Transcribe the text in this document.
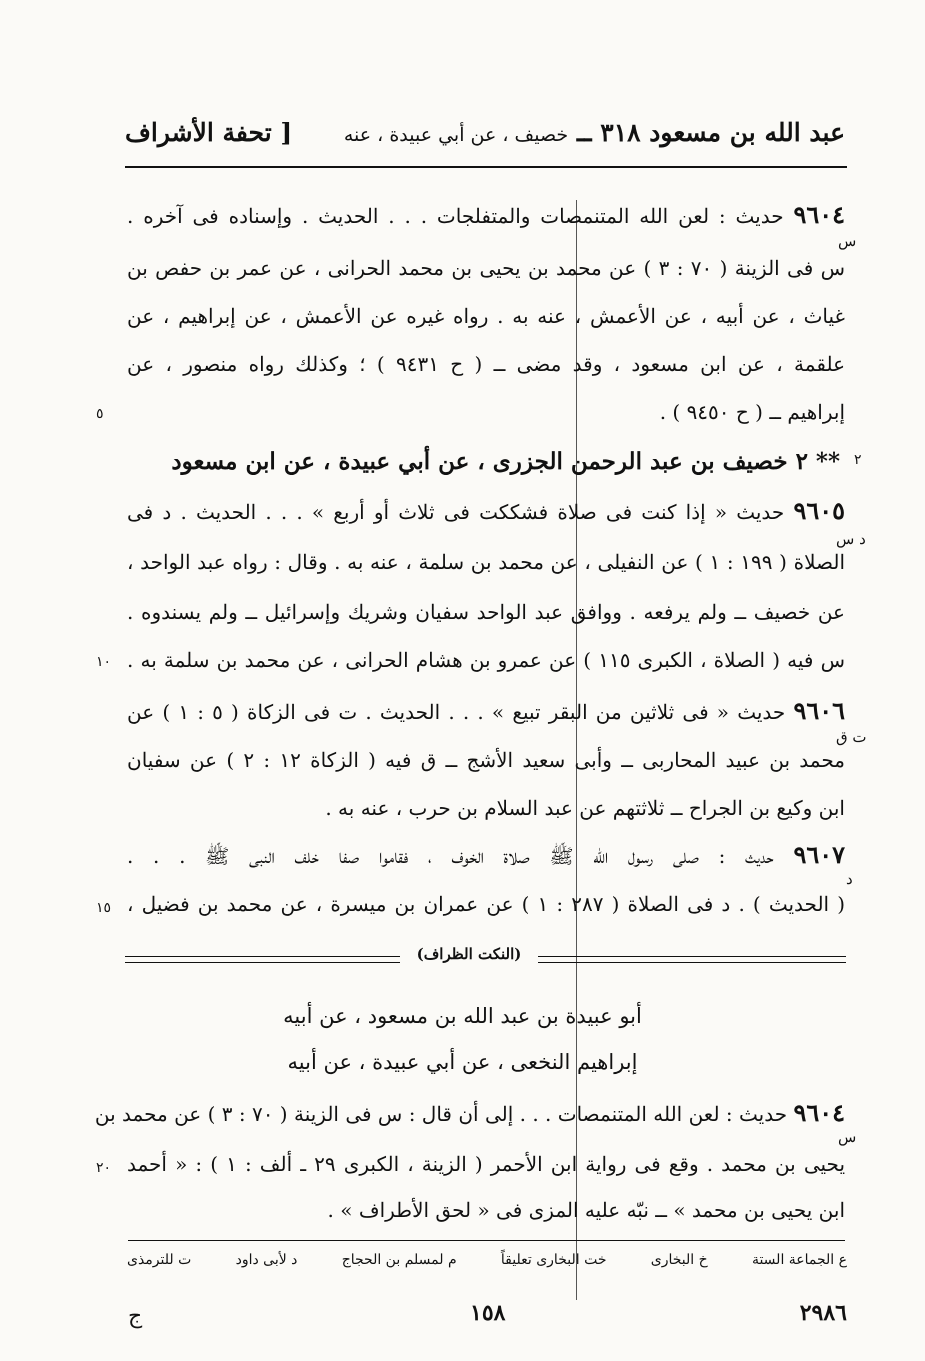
عبد الله بن مسعود ٣١٨ ــ خصيف ، عن أبي عبيدة ، عنه
[ تحفة الأشراف
٩٦٠٤ حديث : لعن الله المتنمصات والمتفلجات . . . الحديث . وإسناده فى آخره .
س فى الزينة ( ٧٠ : ٣ ) عن محمد بن يحيى بن محمد الحرانى ، عن عمر بن حفص بن
غياث ، عن أبيه ، عن الأعمش ، عنه به . رواه غيره عن الأعمش ، عن إبراهيم ، عن
علقمة ، عن ابن مسعود ، وقد مضى ــ ( ح ٩٤٣١ ) ؛ وكذلك رواه منصور ، عن
إبراهيم ــ ( ح ٩٤٥٠ ) .
** ٢ خصيف بن عبد الرحمن الجزرى ، عن أبي عبيدة ، عن ابن مسعود
٩٦٠٥ حديث « إذا كنت فى صلاة فشككت فى ثلاث أو أربع » . . . الحديث . د فى
الصلاة ( ١٩٩ : ١ ) عن النفيلى ، عن محمد بن سلمة ، عنه به . وقال : رواه عبد الواحد ،
عن خصيف ــ ولم يرفعه . ووافق عبد الواحد سفيان وشريك وإسرائيل ــ ولم يسندوه .
س فيه ( الصلاة ، الكبرى ١١٥ ) عن عمرو بن هشام الحرانى ، عن محمد بن سلمة به .
٩٦٠٦ حديث « فى ثلاثين من البقر تبيع » . . . الحديث . ت فى الزكاة ( ٥ : ١ ) عن
محمد بن عبيد المحاربى ــ وأبى سعيد الأشج ــ ق فيه ( الزكاة ١٢ : ٢ ) عن سفيان
ابن وكيع بن الجراح ــ ثلاثتهم عن عبد السلام بن حرب ، عنه به .
٩٦٠٧ حديث : صلى رسول الله ﷺ صلاة الخوف ، فقاموا صفا خلف النبى ﷺ . . .
( الحديث ) . د فى الصلاة ( ٢٨٧ : ١ ) عن عمران بن ميسرة ، عن محمد بن فضيل ،
س
د س
ت ق
د
س
٢
٥
١٠
١٥
٢٠
(النكت الظراف)
أبو عبيدة بن عبد الله بن مسعود ، عن أبيه
إبراهيم النخعى ، عن أبي عبيدة ، عن أبيه
٩٦٠٤ حديث : لعن الله المتنمصات . . . إلى أن قال : س فى الزينة ( ٧٠ : ٣ ) عن محمد بن
يحيى بن محمد . وقع فى رواية ابن الأحمر ( الزينة ، الكبرى ٢٩ ـ ألف : ١ ) : « أحمد
ابن يحيى بن محمد » ــ نبّه عليه المزى فى « لحق الأطراف » .
ع الجماعة الستة
خ البخارى
خت البخارى تعليقاً
م لمسلم بن الحجاج
د لأبى داود
ت للترمذى
٢٩٨٦
١٥٨
ج
